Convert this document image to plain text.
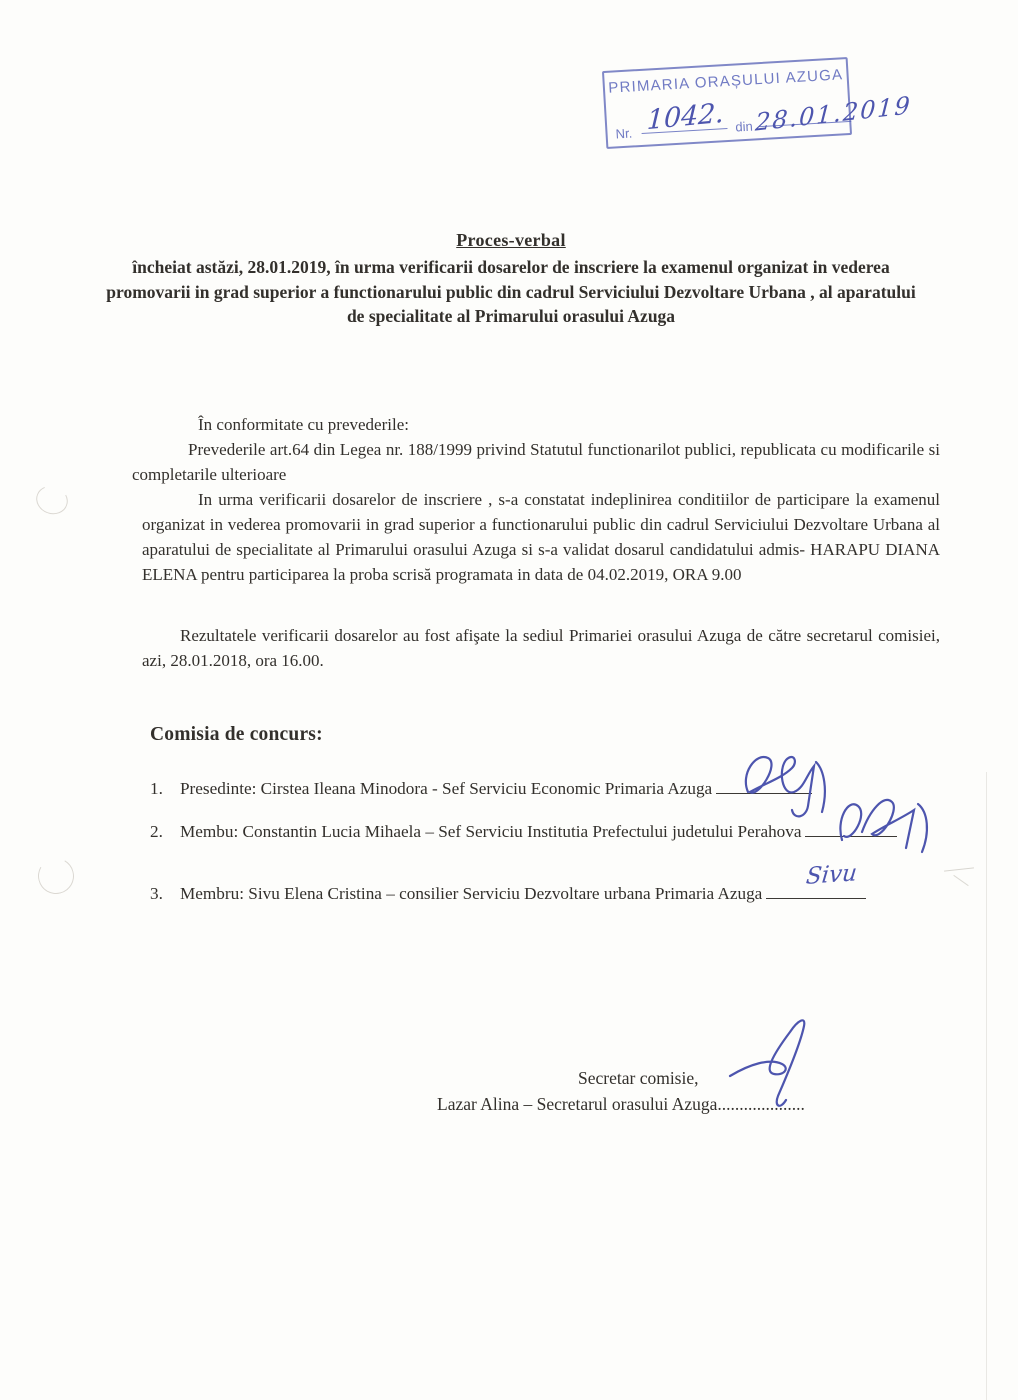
PRIMARIA ORAȘULUI AZUGA
Nr.	din
1042. 28.01.2019
Proces-verbal

încheiat astăzi, 28.01.2019, în urma verificarii dosarelor de inscriere la examenul organizat in vederea promovarii in grad superior a functionarului public din cadrul Serviciului Dezvoltare Urbana , al aparatului de specialitate al Primarului orasului Azuga

În conformitate cu prevederile:

Prevederile art.64 din Legea nr. 188/1999 privind Statutul functionarilot publici, republicata cu modificarile si completarile ulterioare

In urma verificarii dosarelor de inscriere , s-a constatat indeplinirea conditiilor de participare la examenul organizat in vederea promovarii in grad superior a functionarului public din cadrul Serviciului Dezvoltare Urbana al aparatului de specialitate al Primarului orasului Azuga si s-a validat dosarul candidatului admis- HARAPU DIANA ELENA pentru participarea la proba scrisă programata in data de 04.02.2019, ORA 9.00

Rezultatele verificarii dosarelor au fost afişate la sediul Primariei orasului Azuga de către secretarul comisiei, azi, 28.01.2018, ora 16.00.

Comisia de concurs:
1. Presedinte: Cirstea Ileana Minodora - Sef Serviciu Economic Primaria Azuga
2. Membu: Constantin Lucia Mihaela – Sef Serviciu Institutia Prefectului judetului Perahova
3. Membru: Sivu Elena Cristina – consilier Serviciu Dezvoltare urbana Primaria Azuga
Sivu
Secretar comisie,
Lazar Alina – Secretarul orasului Azuga....................
